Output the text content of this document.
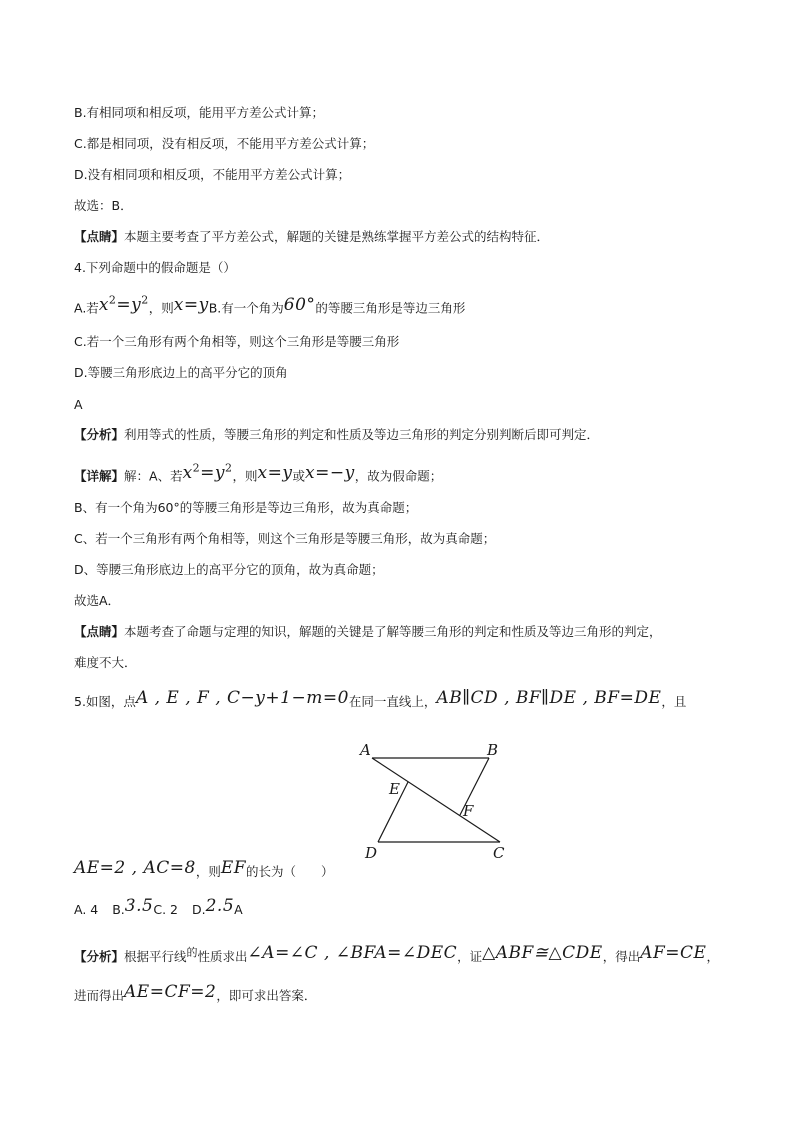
B.有相同项和相反项，能用平方差公式计算；
C.都是相同项，没有相反项，不能用平方差公式计算；
D.没有相同项和相反项，不能用平方差公式计算；
故选：B．
【点睛】本题主要考查了平方差公式，解题的关键是熟练掌握平方差公式的结构特征．
4.下列命题中的假命题是（）
A.若$x^2=y^2$，则x=yB.有一个角为60°的等腰三角形是等边三角形
C.若一个三角形有两个角相等，则这个三角形是等腰三角形
D.等腰三角形底边上的高平分它的顶角
A
【分析】利用等式的性质，等腰三角形的判定和性质及等边三角形的判定分别判断后即可判定．
【详解】解：A、若$x^2=y^2$，则x=y或x=−y，故为假命题；
B、有一个角为60°的等腰三角形是等边三角形，故为真命题；
C、若一个三角形有两个角相等，则这个三角形是等腰三角形，故为真命题；
D、等腰三角形底边上的高平分它的顶角，故为真命题；
故选A．
【点睛】本题考查了命题与定理的知识，解题的关键是了解等腰三角形的判定和性质及等边三角形的判定，
难度不大．
5.如图，点A , E , F , C−y+1−m=0在同一直线上，AB∥CD , BF∥DE , BF=DE，且
A	B
C
D
E
F
AE=2 , AC=8，则EF的长为（　　）
A. 4 B.3.5C. 2 D.2.5A
【分析】根据平行线的性质求出∠A=∠C , ∠BFA=∠DEC，证△ABF≅△CDE，得出AF=CE，
进而得出AE=CF=2，即可求出答案．
